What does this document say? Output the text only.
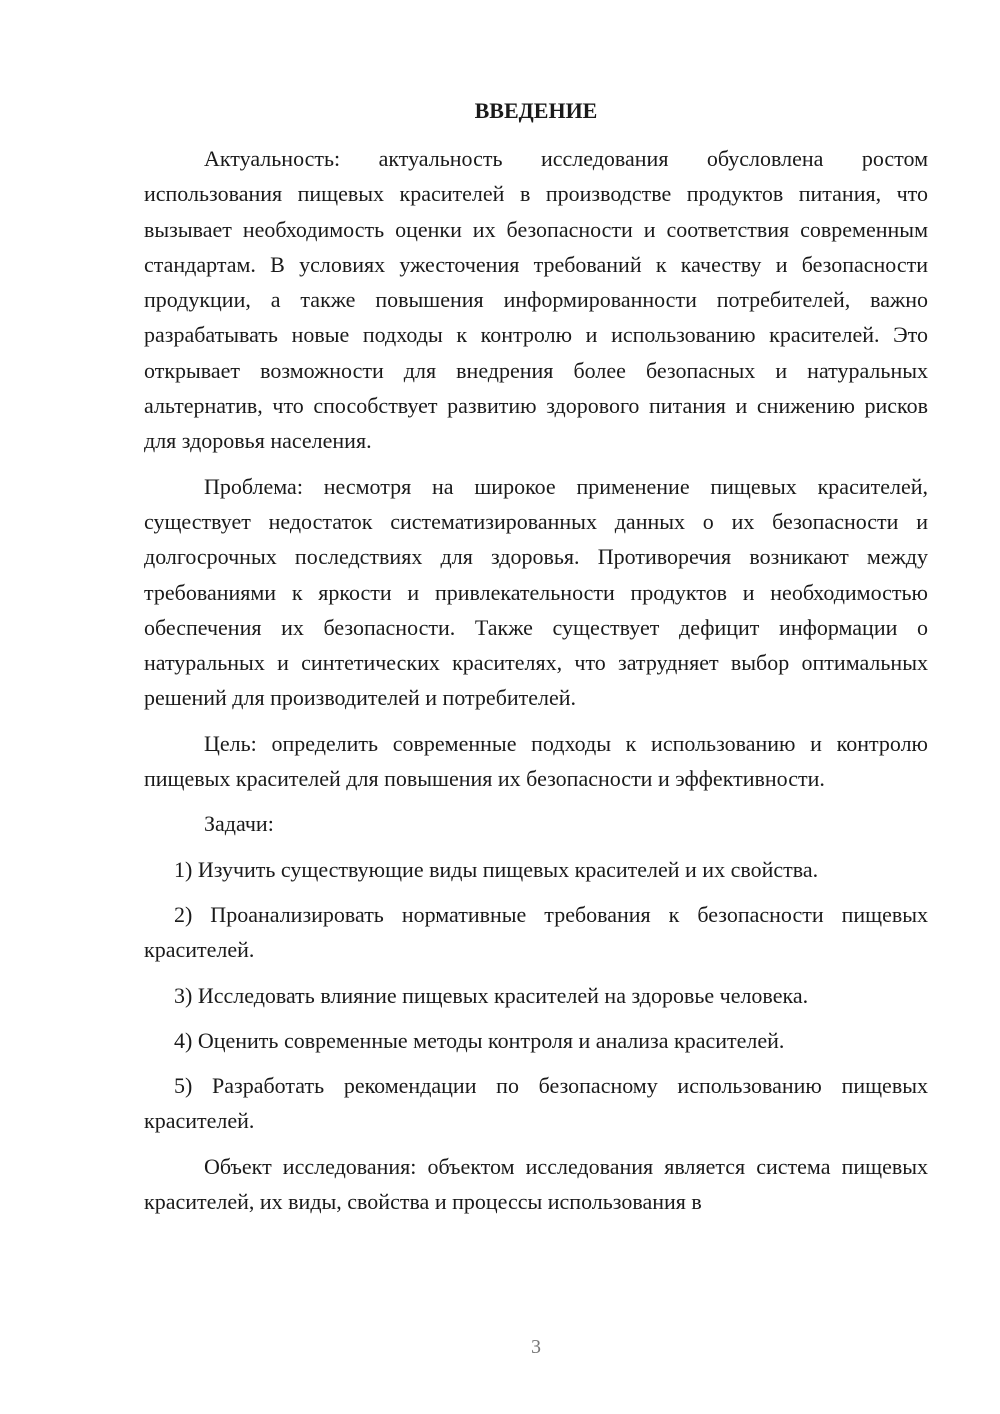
ВВЕДЕНИЕ

Актуальность: актуальность исследования обусловлена ростом использования пищевых красителей в производстве продуктов питания, что вызывает необходимость оценки их безопасности и соответствия современным стандартам. В условиях ужесточения требований к качеству и безопасности продукции, а также повышения информированности потребителей, важно разрабатывать новые подходы к контролю и использованию красителей. Это открывает возможности для внедрения более безопасных и натуральных альтернатив, что способствует развитию здорового питания и снижению рисков для здоровья населения.

Проблема: несмотря на широкое применение пищевых красителей, существует недостаток систематизированных данных о их безопасности и долгосрочных последствиях для здоровья. Противоречия возникают между требованиями к яркости и привлекательности продуктов и необходимостью обеспечения их безопасности. Также существует дефицит информации о натуральных и синтетических красителях, что затрудняет выбор оптимальных решений для производителей и потребителей.

Цель: определить современные подходы к использованию и контролю пищевых красителей для повышения их безопасности и эффективности.

Задачи:

1) Изучить существующие виды пищевых красителей и их свойства.

2) Проанализировать нормативные требования к безопасности пищевых красителей.

3) Исследовать влияние пищевых красителей на здоровье человека.

4) Оценить современные методы контроля и анализа красителей.

5) Разработать рекомендации по безопасному использованию пищевых красителей.

Объект исследования: объектом исследования является система пищевых красителей, их виды, свойства и процессы использования в

3
